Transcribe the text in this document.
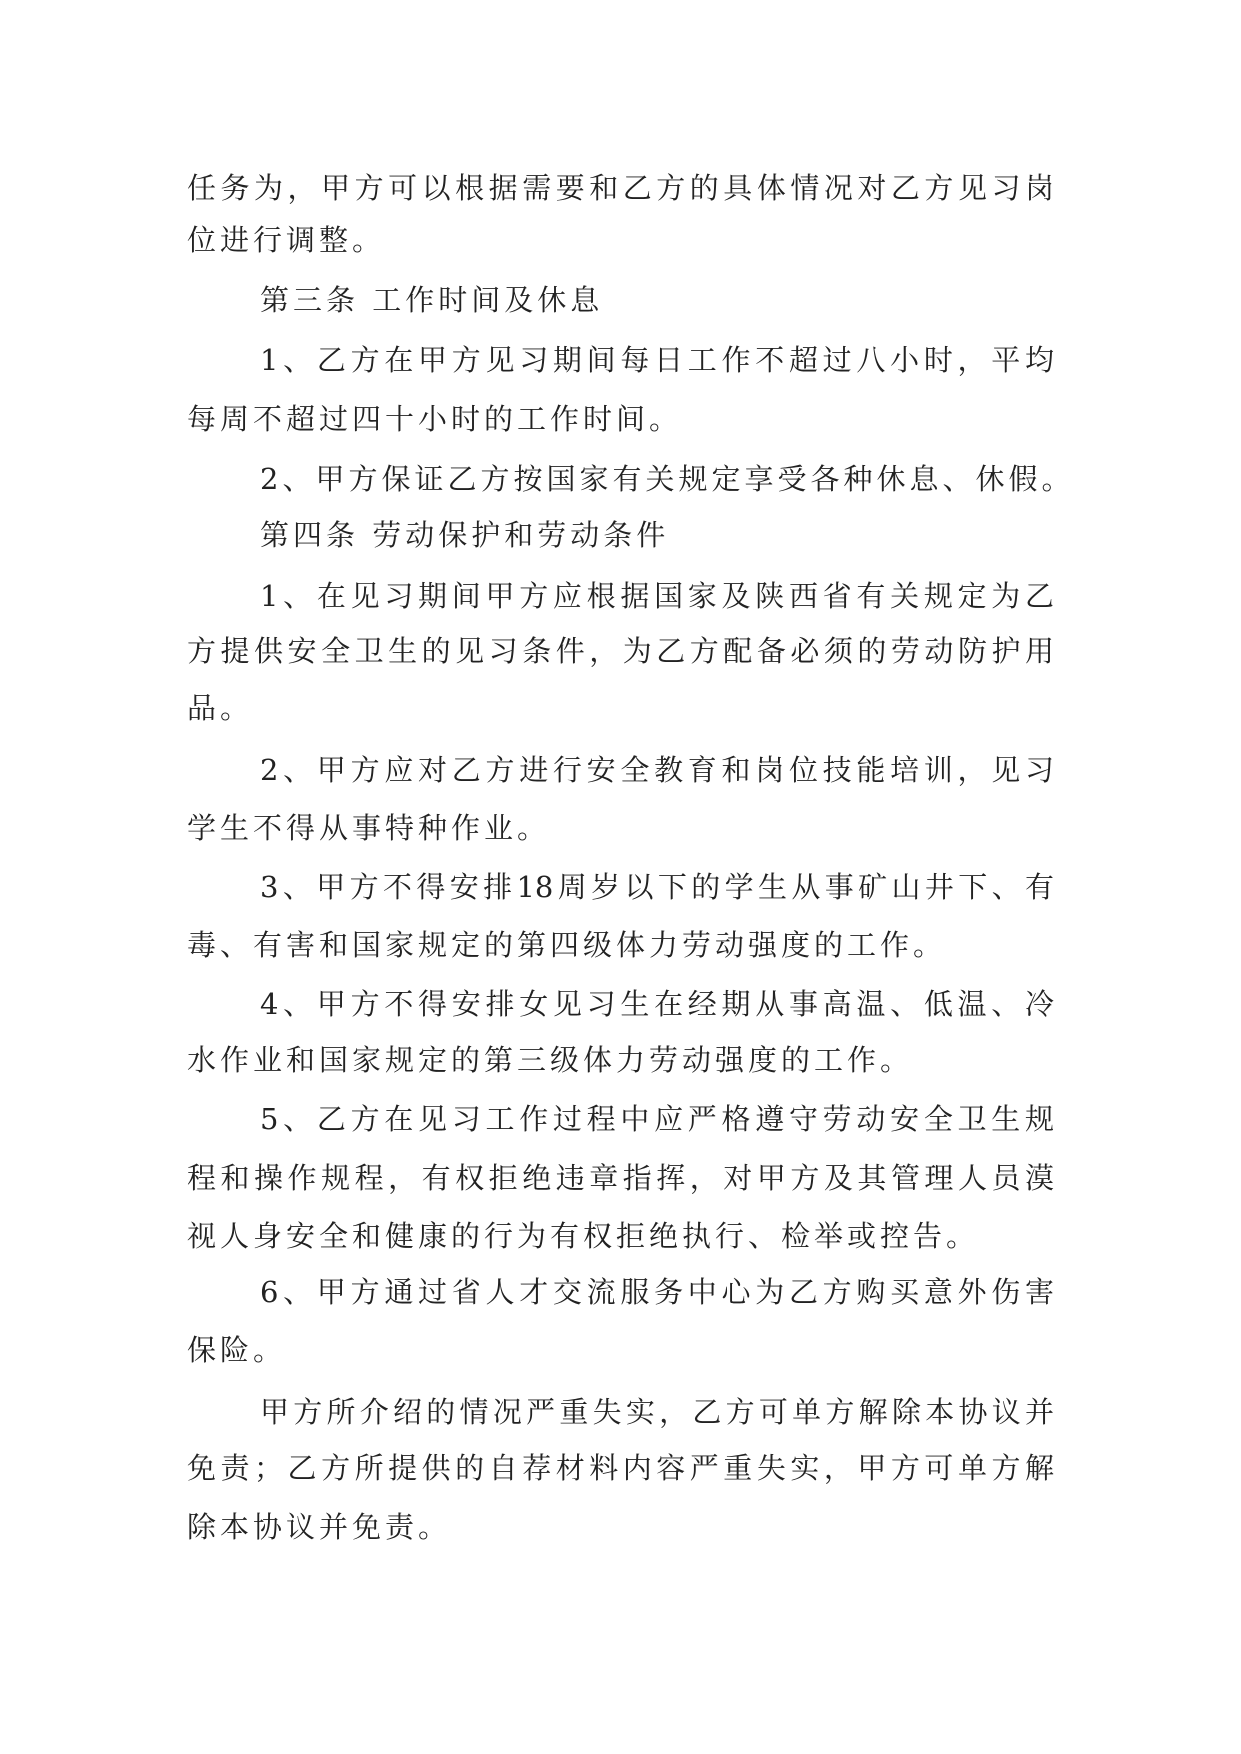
任务为，甲方可以根据需要和乙方的具体情况对乙方见习岗
位进行调整。
第三条 工作时间及休息
1、乙方在甲方见习期间每日工作不超过八小时，平均
每周不超过四十小时的工作时间。
2、甲方保证乙方按国家有关规定享受各种休息、休假。
第四条 劳动保护和劳动条件
1、在见习期间甲方应根据国家及陕西省有关规定为乙
方提供安全卫生的见习条件，为乙方配备必须的劳动防护用
品。
2、甲方应对乙方进行安全教育和岗位技能培训，见习
学生不得从事特种作业。
3、甲方不得安排18周岁以下的学生从事矿山井下、有
毒、有害和国家规定的第四级体力劳动强度的工作。
4、甲方不得安排女见习生在经期从事高温、低温、冷
水作业和国家规定的第三级体力劳动强度的工作。
5、乙方在见习工作过程中应严格遵守劳动安全卫生规
程和操作规程，有权拒绝违章指挥，对甲方及其管理人员漠
视人身安全和健康的行为有权拒绝执行、检举或控告。
6、甲方通过省人才交流服务中心为乙方购买意外伤害
保险。
甲方所介绍的情况严重失实，乙方可单方解除本协议并
免责；乙方所提供的自荐材料内容严重失实，甲方可单方解
除本协议并免责。
